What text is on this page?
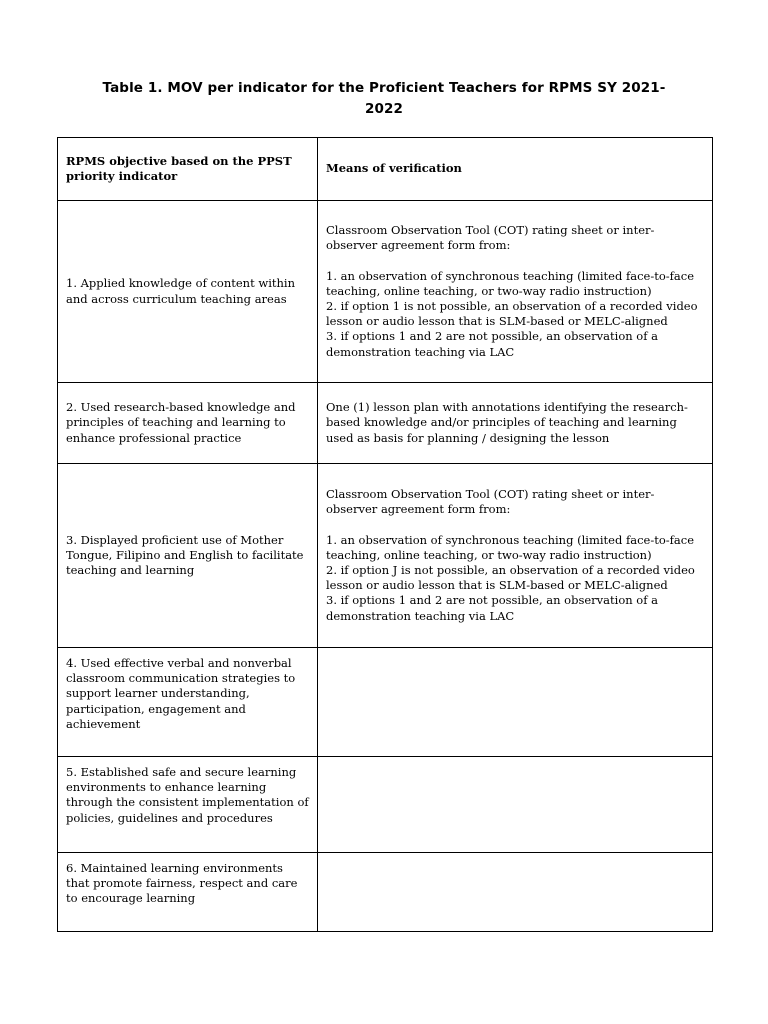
Table 1. MOV per indicator for the Proficient Teachers for RPMS SY 2021-
2022
RPMS objective based on the PPST priority indicator	Means of verification
1. Applied knowledge of content within and across curriculum teaching areas	Classroom Observation Tool (COT) rating sheet or inter-observer agreement form from:
1. an observation of synchronous teaching (limited face-to-face teaching, online teaching, or two-way radio instruction)
2. if option 1 is not possible, an observation of a recorded video lesson or audio lesson that is SLM-based or MELC-aligned
3. if options 1 and 2 are not possible, an observation of a demonstration teaching via LAC

2. Used research-based knowledge and principles of teaching and learning to enhance professional practice	One (1) lesson plan with annotations identifying the research-based knowledge and/or principles of teaching and learning used as basis for planning / designing the lesson
3. Displayed proficient use of Mother Tongue, Filipino and English to facilitate teaching and learning	Classroom Observation Tool (COT) rating sheet or inter-observer agreement form from:
1. an observation of synchronous teaching (limited face-to-face teaching, online teaching, or two-way radio instruction)
2. if option J is not possible, an observation of a recorded video lesson or audio lesson that is SLM-based or MELC-aligned
3. if options 1 and 2 are not possible, an observation of a demonstration teaching via LAC

4. Used effective verbal and nonverbal classroom communication strategies to support learner understanding, participation, engagement and achievement	
5. Established safe and secure learning environments to enhance learning through the consistent implementation of policies, guidelines and procedures	
6. Maintained learning environments that promote fairness, respect and care to encourage learning	
